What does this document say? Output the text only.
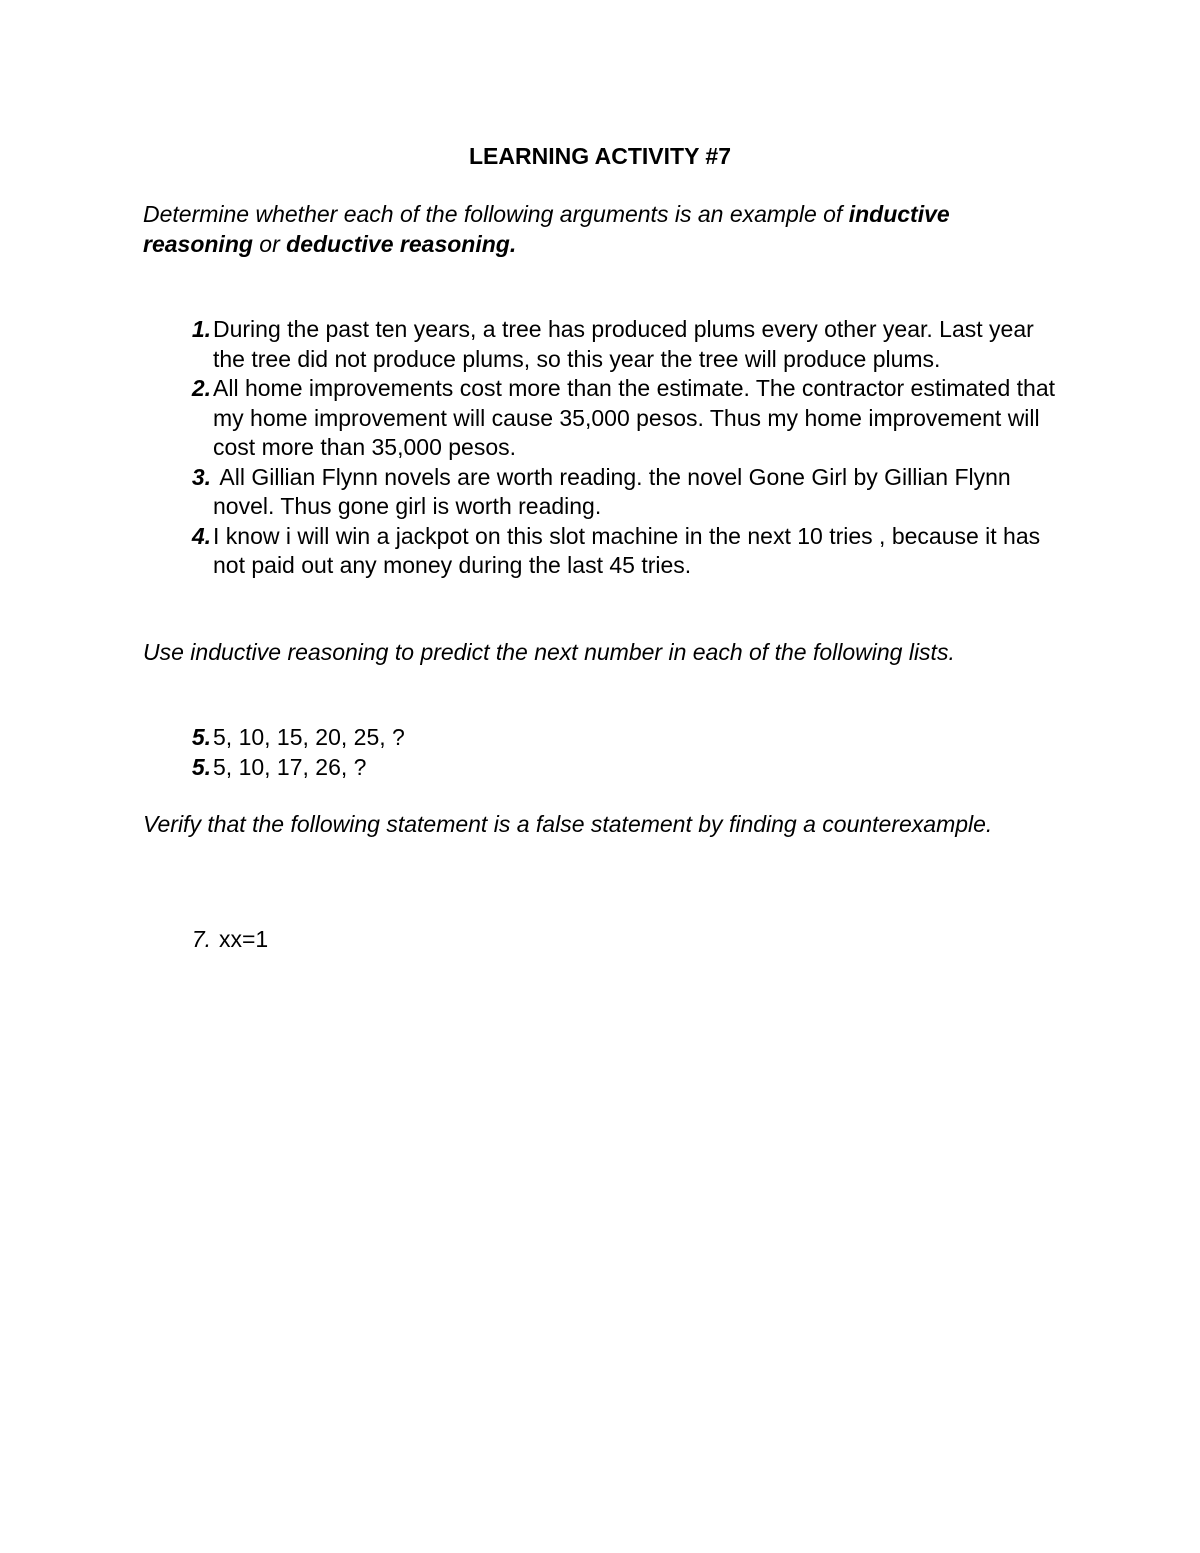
LEARNING ACTIVITY #7
Determine whether each of the following arguments is an example of inductive reasoning or deductive reasoning.
1. During the past ten years, a tree has produced plums every other year. Last year the tree did not produce plums, so this year the tree will produce plums.
2. All home improvements cost more than the estimate. The contractor estimated that my home improvement will cause 35,000 pesos. Thus my home improvement will cost more than 35,000 pesos.
3. All Gillian Flynn novels are worth reading. the novel Gone Girl by Gillian Flynn novel. Thus gone girl is worth reading.
4. I know i will win a jackpot on this slot machine in the next 10 tries , because it has not paid out any money during the last 45 tries.
Use inductive reasoning to predict the next number in each of the following lists.
5. 5, 10, 15, 20, 25, ?
5. 5, 10, 17, 26, ?
Verify that the following statement is a false statement by finding a counterexample.
7. xx=1
